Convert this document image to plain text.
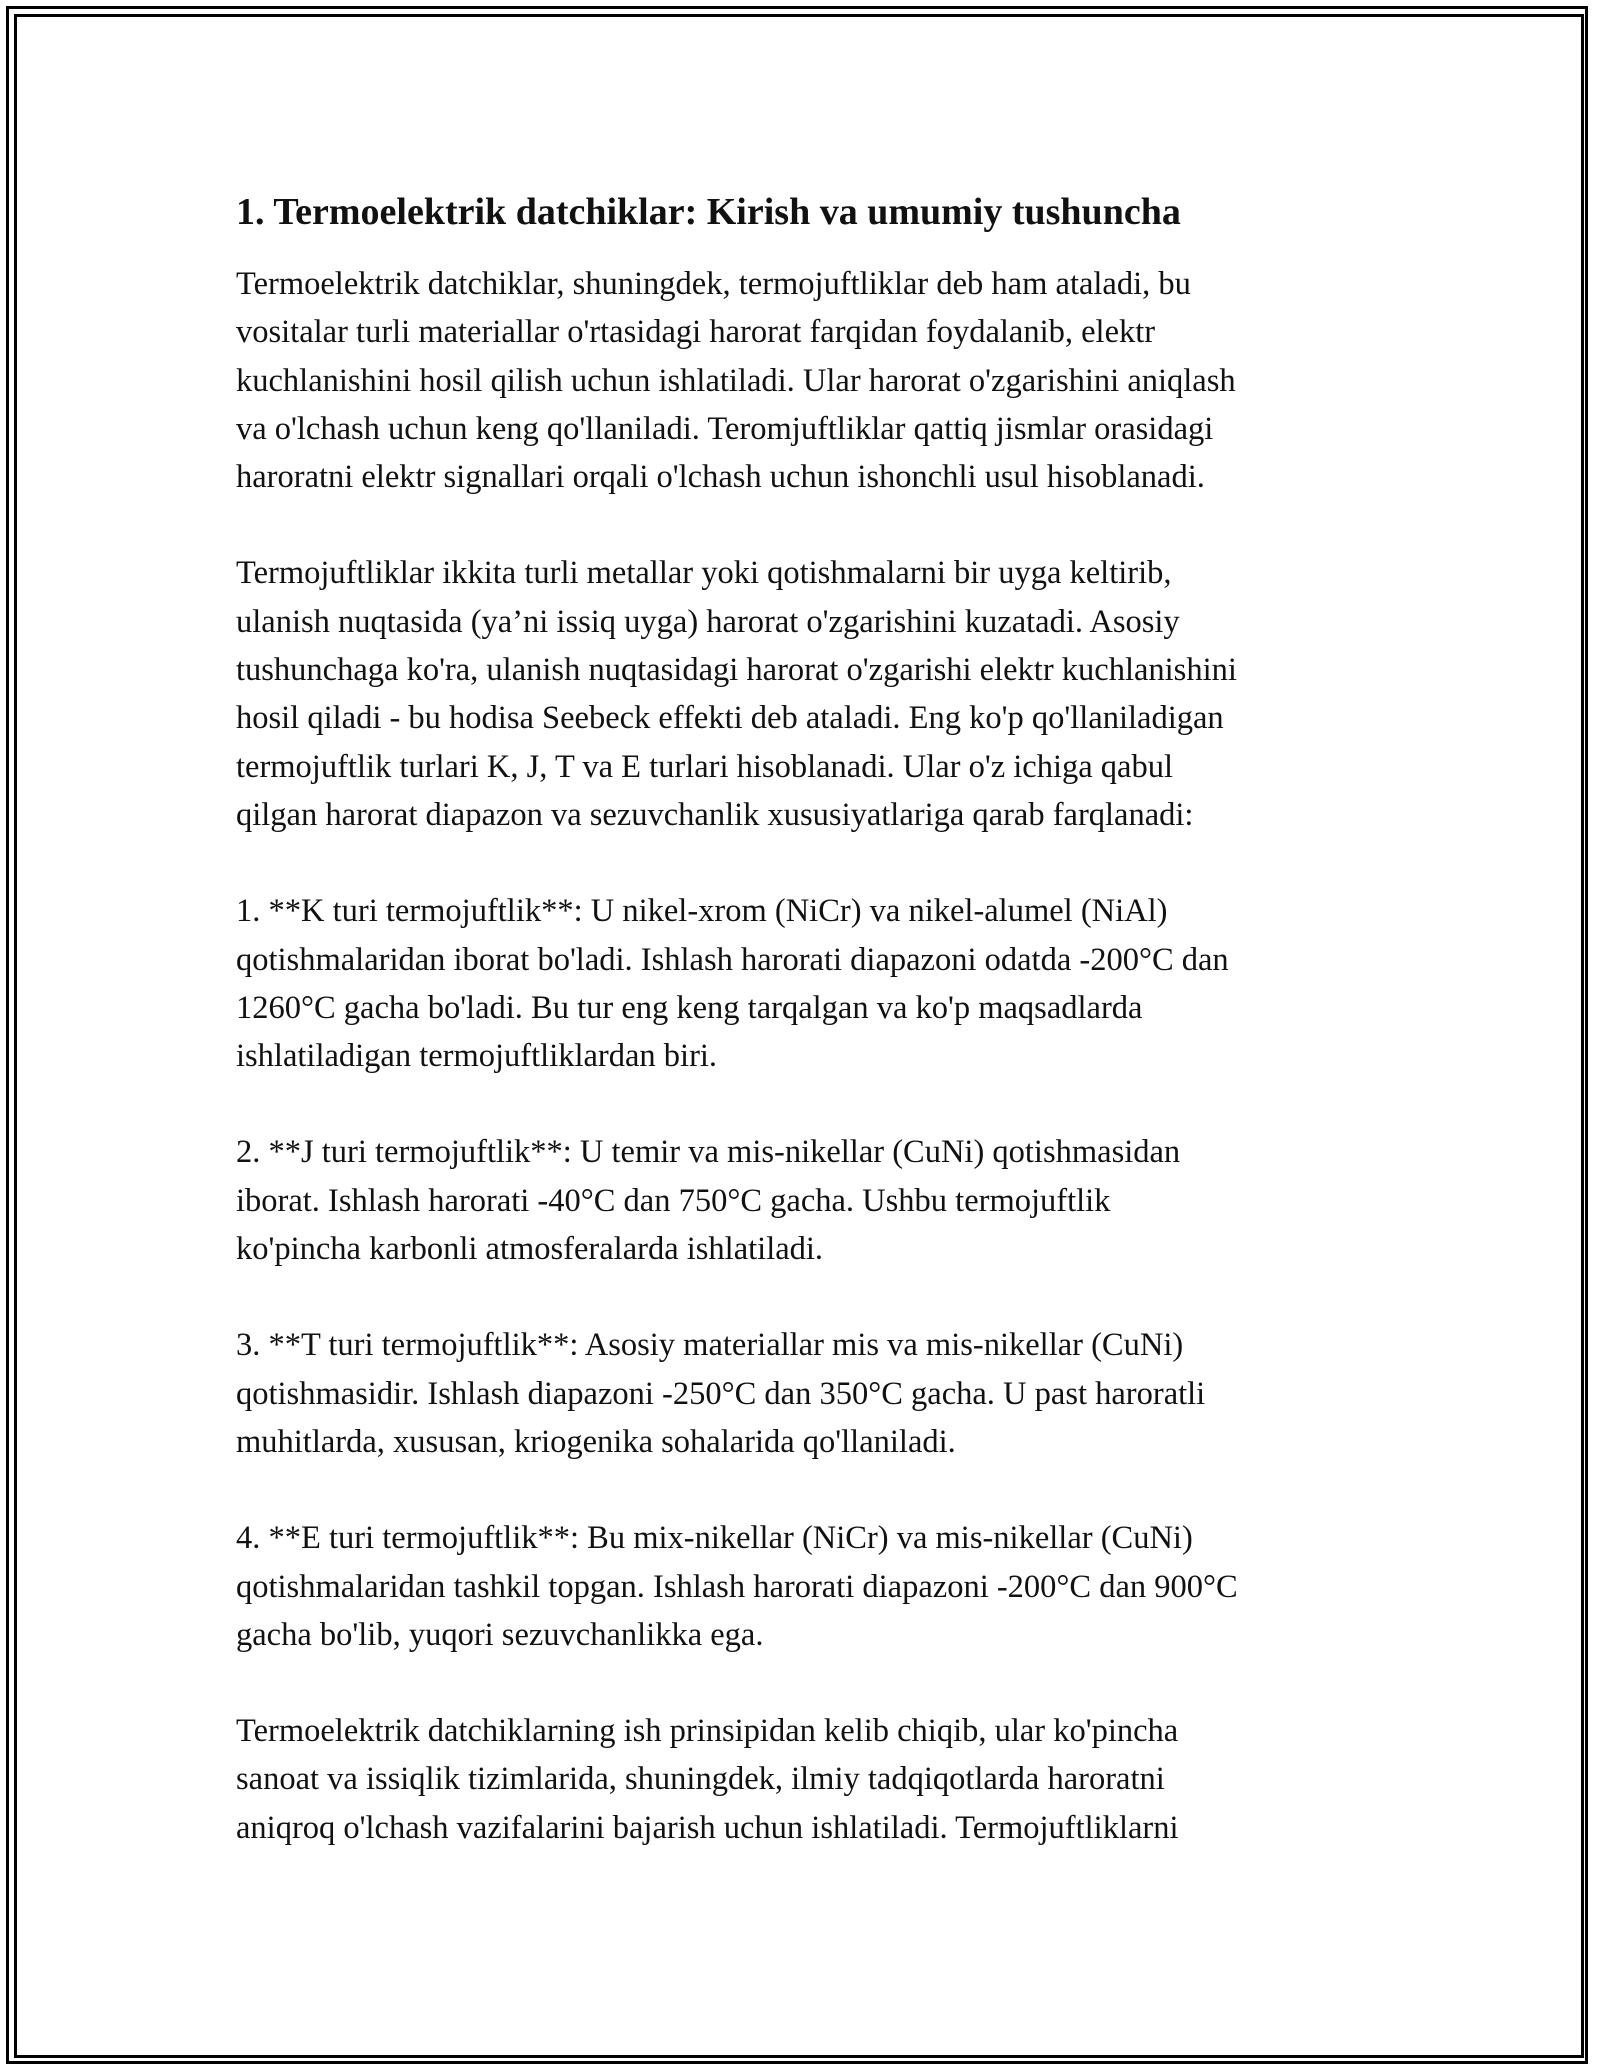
1. Termoelektrik datchiklar: Kirish va umumiy tushuncha

Termoelektrik datchiklar, shuningdek, termojuftliklar deb ham ataladi, bu
vositalar turli materiallar o'rtasidagi harorat farqidan foydalanib, elektr
kuchlanishini hosil qilish uchun ishlatiladi. Ular harorat o'zgarishini aniqlash
va o'lchash uchun keng qo'llaniladi. Teromjuftliklar qattiq jismlar orasidagi
haroratni elektr signallari orqali o'lchash uchun ishonchli usul hisoblanadi.

Termojuftliklar ikkita turli metallar yoki qotishmalarni bir uyga keltirib,
ulanish nuqtasida (ya’ni issiq uyga) harorat o'zgarishini kuzatadi. Asosiy
tushunchaga ko'ra, ulanish nuqtasidagi harorat o'zgarishi elektr kuchlanishini
hosil qiladi - bu hodisa Seebeck effekti deb ataladi. Eng ko'p qo'llaniladigan
termojuftlik turlari K, J, T va E turlari hisoblanadi. Ular o'z ichiga qabul
qilgan harorat diapazon va sezuvchanlik xususiyatlariga qarab farqlanadi:

1. **K turi termojuftlik**: U nikel-xrom (NiCr) va nikel-alumel (NiAl)
qotishmalaridan iborat bo'ladi. Ishlash harorati diapazoni odatda -200°C dan
1260°C gacha bo'ladi. Bu tur eng keng tarqalgan va ko'p maqsadlarda
ishlatiladigan termojuftliklardan biri.

2. **J turi termojuftlik**: U temir va mis-nikellar (CuNi) qotishmasidan
iborat. Ishlash harorati -40°C dan 750°C gacha. Ushbu termojuftlik
ko'pincha karbonli atmosferalarda ishlatiladi.

3. **T turi termojuftlik**: Asosiy materiallar mis va mis-nikellar (CuNi)
qotishmasidir. Ishlash diapazoni -250°C dan 350°C gacha. U past haroratli
muhitlarda, xususan, kriogenika sohalarida qo'llaniladi.

4. **E turi termojuftlik**: Bu mix-nikellar (NiCr) va mis-nikellar (CuNi)
qotishmalaridan tashkil topgan. Ishlash harorati diapazoni -200°C dan 900°C
gacha bo'lib, yuqori sezuvchanlikka ega.

Termoelektrik datchiklarning ish prinsipidan kelib chiqib, ular ko'pincha
sanoat va issiqlik tizimlarida, shuningdek, ilmiy tadqiqotlarda haroratni
aniqroq o'lchash vazifalarini bajarish uchun ishlatiladi. Termojuftliklarni
